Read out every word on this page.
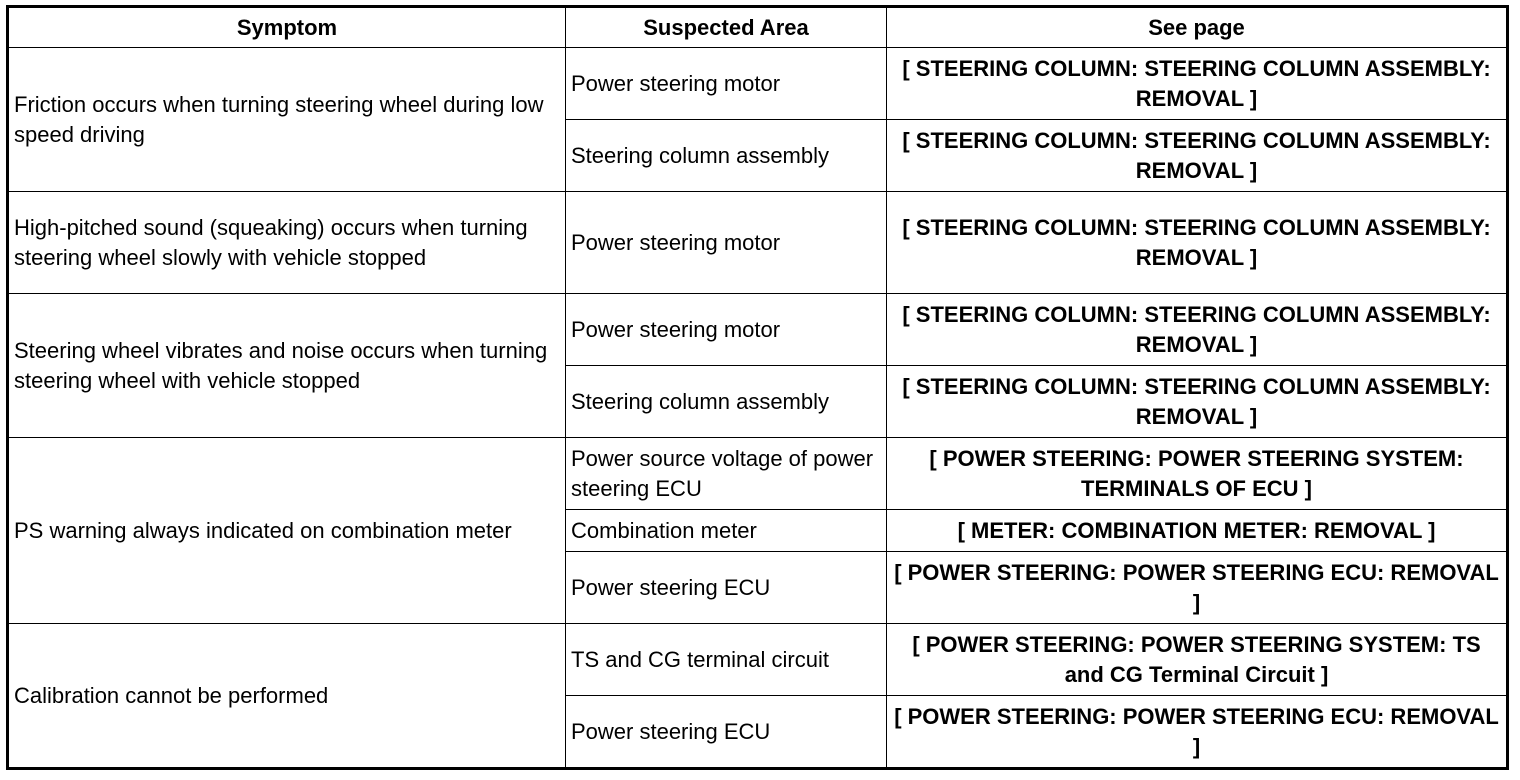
Symptom	Suspected Area	See page
Friction occurs when turning steering wheel during low speed driving	Power steering motor	[ STEERING COLUMN: STEERING COLUMN ASSEMBLY: REMOVAL ]
	Steering column assembly	[ STEERING COLUMN: STEERING COLUMN ASSEMBLY: REMOVAL ]
High-pitched sound (squeaking) occurs when turning steering wheel slowly with vehicle stopped	Power steering motor	[ STEERING COLUMN: STEERING COLUMN ASSEMBLY: REMOVAL ]
Steering wheel vibrates and noise occurs when turning steering wheel with vehicle stopped	Power steering motor	[ STEERING COLUMN: STEERING COLUMN ASSEMBLY: REMOVAL ]
	Steering column assembly	[ STEERING COLUMN: STEERING COLUMN ASSEMBLY: REMOVAL ]
PS warning always indicated on combination meter	Power source voltage of power steering ECU	[ POWER STEERING: POWER STEERING SYSTEM: TERMINALS OF ECU ]
	Combination meter	[ METER: COMBINATION METER: REMOVAL ]
	Power steering ECU	[ POWER STEERING: POWER STEERING ECU: REMOVAL ]
Calibration cannot be performed	TS and CG terminal circuit	[ POWER STEERING: POWER STEERING SYSTEM: TS and CG Terminal Circuit ]
	Power steering ECU	[ POWER STEERING: POWER STEERING ECU: REMOVAL ]
